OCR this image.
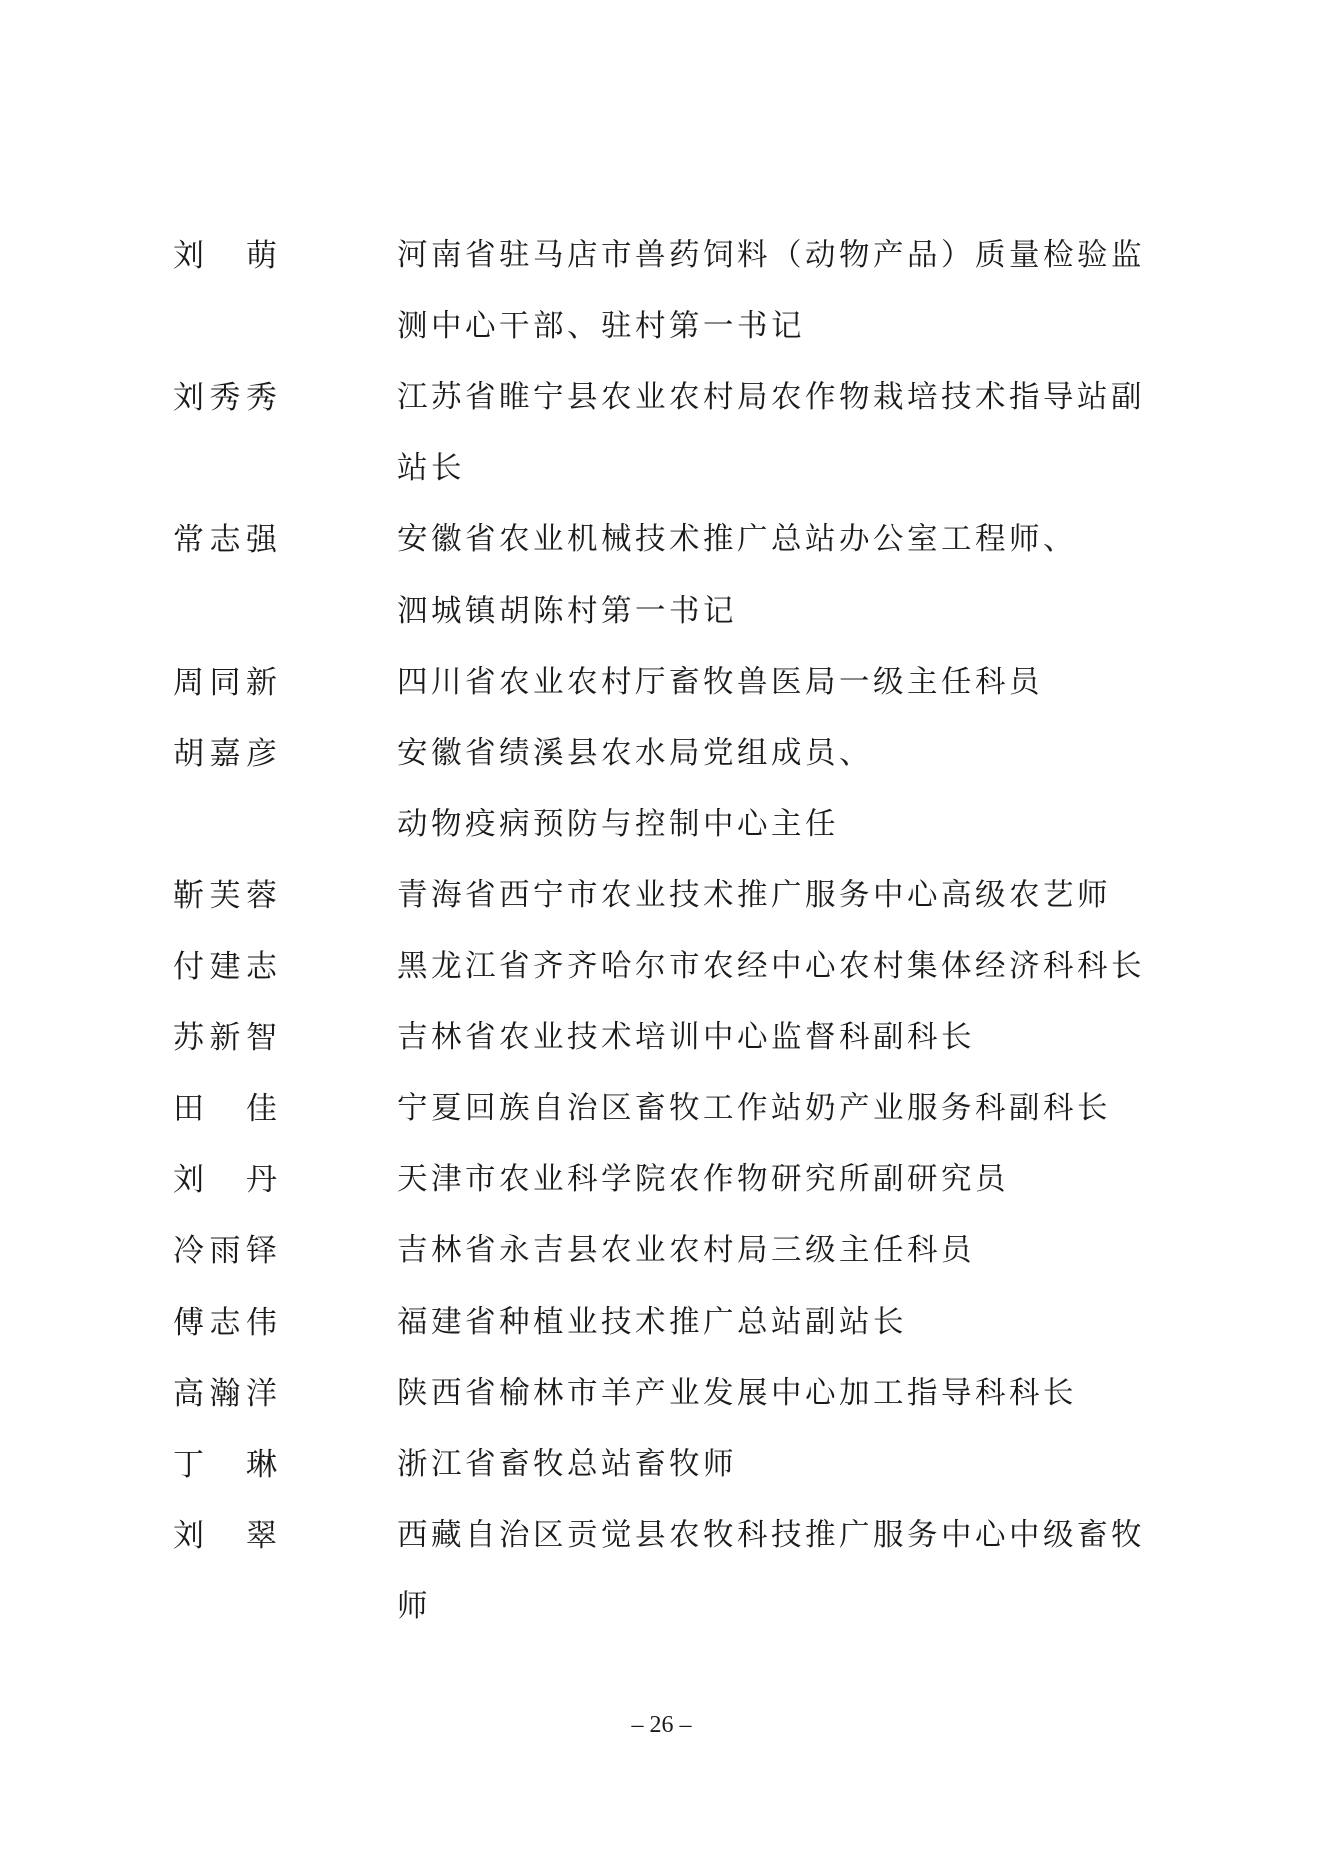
刘 萌	河南省驻马店市兽药饲料（动物产品）质量检验监
测中心干部、驻村第一书记
刘 秀 秀	江苏省睢宁县农业农村局农作物栽培技术指导站副
站长
常 志 强	安徽省农业机械技术推广总站办公室工程师、
泗城镇胡陈村第一书记
周 同 新	四川省农业农村厅畜牧兽医局一级主任科员
胡 嘉 彦	安徽省绩溪县农水局党组成员、
动物疫病预防与控制中心主任
靳 芙 蓉	青海省西宁市农业技术推广服务中心高级农艺师
付 建 志	黑龙江省齐齐哈尔市农经中心农村集体经济科科长
苏 新 智	吉林省农业技术培训中心监督科副科长
田 佳	宁夏回族自治区畜牧工作站奶产业服务科副科长
刘 丹	天津市农业科学院农作物研究所副研究员
冷 雨 铎	吉林省永吉县农业农村局三级主任科员
傅 志 伟	福建省种植业技术推广总站副站长
高 瀚 洋	陕西省榆林市羊产业发展中心加工指导科科长
丁 琳	浙江省畜牧总站畜牧师
刘 翠	西藏自治区贡觉县农牧科技推广服务中心中级畜牧
师
– 26 –
